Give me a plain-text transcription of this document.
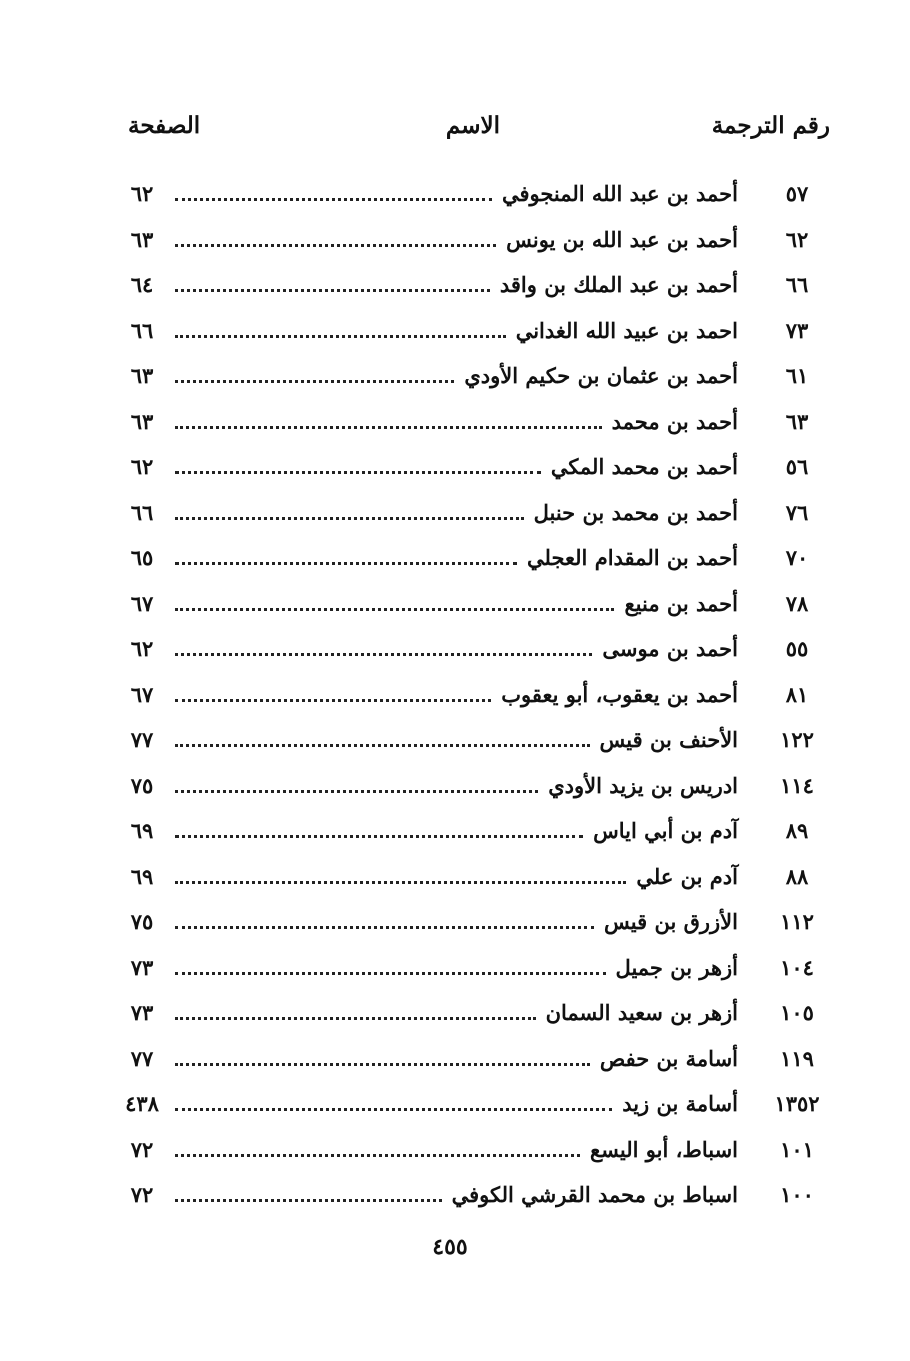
رقم الترجمة
الاسم
الصفحة
٥٧
أحمد بن عبد الله المنجوفي
٦٢
٦٢
أحمد بن عبد الله بن يونس
٦٣
٦٦
أحمد بن عبد الملك بن واقد
٦٤
٧٣
احمد بن عبيد الله الغداني
٦٦
٦١
أحمد بن عثمان بن حكيم الأودي
٦٣
٦٣
أحمد بن محمد
٦٣
٥٦
أحمد بن محمد المكي
٦٢
٧٦
أحمد بن محمد بن حنبل
٦٦
٧٠
أحمد بن المقدام العجلي
٦٥
٧٨
أحمد بن منيع
٦٧
٥٥
أحمد بن موسى
٦٢
٨١
أحمد بن يعقوب، أبو يعقوب
٦٧
١٢٢
الأحنف بن قيس
٧٧
١١٤
ادريس بن يزيد الأودي
٧٥
٨٩
آدم بن أبي اياس
٦٩
٨٨
آدم بن علي
٦٩
١١٢
الأزرق بن قيس
٧٥
١٠٤
أزهر بن جميل
٧٣
١٠٥
أزهر بن سعيد السمان
٧٣
١١٩
أسامة بن حفص
٧٧
١٣٥٢
أسامة بن زيد
٤٣٨
١٠١
اسباط، أبو اليسع
٧٢
١٠٠
اسباط بن محمد القرشي الكوفي
٧٢
٤٥٥
